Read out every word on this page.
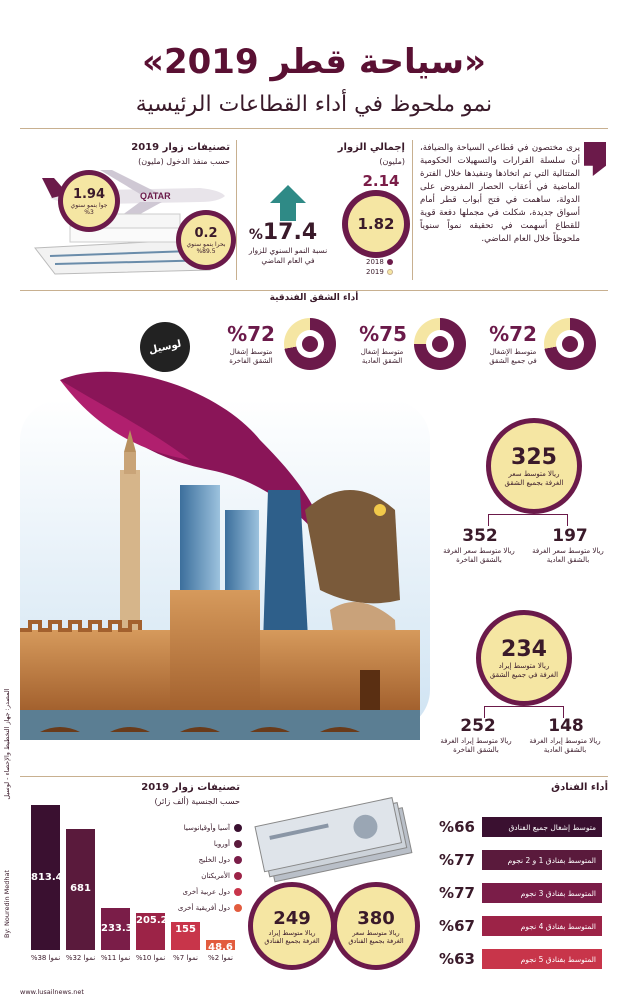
«سياحة قطر 2019»
نمو ملحوظ في أداء القطاعات الرئيسية
يرى مختصون في قطاعي السياحة والضيافة، أن سلسلة القرارات والتسهيلات الحكومية المتتالية التي تم اتخاذها وتنفيذها خلال الفترة الماضية في أعقاب الحصار المفروض على الدولة، ساهمت في فتح أبواب قطر أمام أسواق جديدة، شكلت في مجملها دفعة قوية للقطاع أسهمت في تحقيقه نمواً سنوياً ملحوظاً خلال العام الماضي.
إجمالي الزوار
(مليون)
2.14
1.82
2018
2019
%17.4
نسبة النمو السنوي للزوار في العام الماضي
تصنيفات زوار 2019
حسب منفذ الدخول (مليون)
QATAR
1.94
جوا بنمو سنوي 3%
0.2
بحرا بنمو سنوي 89.5%
أداء الشقق الفندقية
%72
متوسط الإشغال في جميع الشقق
%75
متوسط إشغال الشقق العادية
%72
متوسط إشغال الشقق الفاخرة
لوسيل
325
ريالا متوسط سعر الغرفة بجميع الشقق
197
ريالا متوسط سعر الغرفة بالشقق العادية
352
ريالا متوسط سعر الغرفة بالشقق الفاخرة
234
ريالا متوسط إيراد الغرفة في جميع الشقق
148
ريالا متوسط إيراد الغرفة بالشقق العادية
252
ريالا متوسط إيراد الغرفة بالشقق الفاخرة
تصنيفات زوار 2019
حسب الجنسية (ألف زائر)
آسيا وأوقيانوسيا
أوروبا
دول الخليج
الأمريكتان
دول عربية أخرى
دول أفريقية أخرى
813.4
%38 نموا
681
%32 نموا
233.3
%11 نموا
205.2
%10 نموا
155
%7 نموا
48.6
%2 نموا
أداء الفنادق
%66	متوسط إشغال جميع الفنادق
%77	المتوسط بفنادق 1 و 2 نجوم
%77	المتوسط بفنادق 3 نجوم
%67	المتوسط بفنادق 4 نجوم
%63	المتوسط بفنادق 5 نجوم
380
ريالا متوسط سعر الغرفة بجميع الفنادق
249
ريالا متوسط إيراد الغرفة بجميع الفنادق
المصدر: جهاز التخطيط والإحصاء - لوسيل
By: Nouredin Medhat
www.lusailnews.net
